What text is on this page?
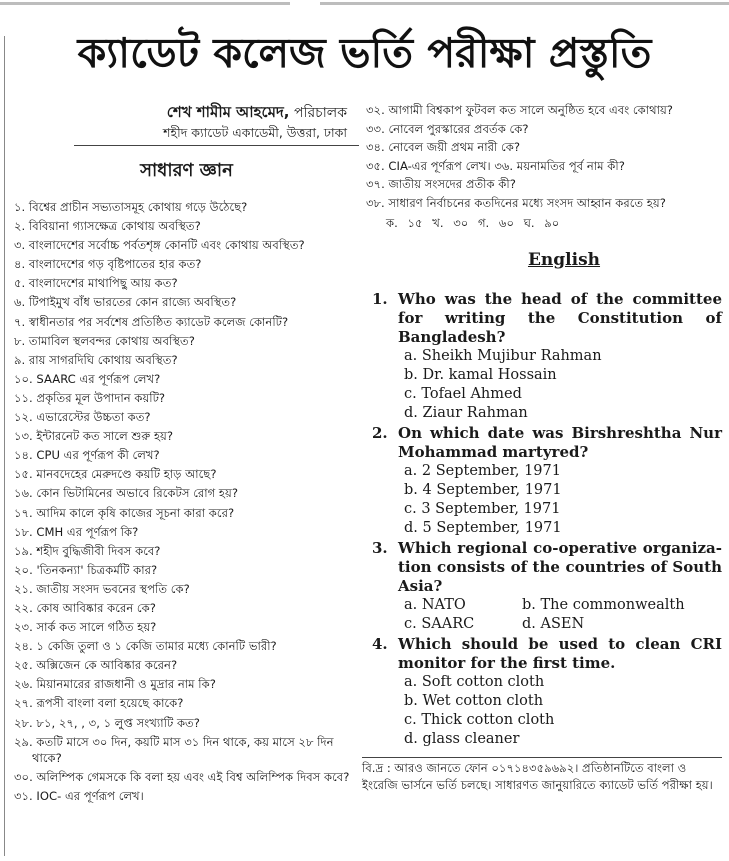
ক্যাডেট কলেজ ভর্তি পরীক্ষা প্রস্তুতি
শেখ শামীম আহমেদ, পরিচালক
শহীদ ক্যাডেট একাডেমী, উত্তরা, ঢাকা
সাধারণ জ্ঞান
১. বিশ্বের প্রাচীন সভ্যতাসমূহ কোথায় গড়ে উঠেছে?
২. বিবিয়ানা গ্যাসক্ষেত্র কোথায় অবস্থিত?
৩. বাংলাদেশের সর্বোচ্চ পর্বতশৃঙ্গ কোনটি এবং কোথায় অবস্থিত?
৪. বাংলাদেশের গড় বৃষ্টিপাতের হার কত?
৫. বাংলাদেশের মাথাপিছু আয় কত?
৬. টিপাইমুখ বাঁধ ভারতের কোন রাজ্যে অবস্থিত?
৭. স্বাধীনতার পর সর্বশেষ প্রতিষ্ঠিত ক্যাডেট কলেজ কোনটি?
৮. তামাবিল স্থলবন্দর কোথায় অবস্থিত?
৯. রায় সাগরদিঘি কোথায় অবস্থিত?
১০. SAARC এর পূর্ণরূপ লেখ?
১১. প্রকৃতির মূল উপাদান কয়টি?
১২. এভারেস্টের উচ্চতা কত?
১৩. ইন্টারনেট কত সালে শুরু হয়?
১৪. CPU এর পূর্ণরূপ কী লেখ?
১৫. মানবদেহের মেরুদণ্ডে কয়টি হাড় আছে?
১৬. কোন ভিটামিনের অভাবে রিকেটস রোগ হয়?
১৭. আদিম কালে কৃষি কাজের সূচনা কারা করে?
১৮. CMH এর পূর্ণরূপ কি?
১৯. শহীদ বুদ্ধিজীবী দিবস কবে?
২০. 'তিনকন্যা' চিত্রকর্মটি কার?
২১. জাতীয় সংসদ ভবনের স্থপতি কে?
২২. কোষ আবিষ্কার করেন কে?
২৩. সার্ক কত সালে গঠিত হয়?
২৪. ১ কেজি তুলা ও ১ কেজি তামার মধ্যে কোনটি ভারী?
২৫. অক্সিজেন কে আবিষ্কার করেন?
২৬. মিয়ানমারের রাজধানী ও মুদ্রার নাম কি?
২৭. রূপসী বাংলা বলা হয়েছে কাকে?
২৮. ৮১, ২৭, , ৩, ১ লুপ্ত সংখ্যাটি কত?
২৯. কতটি মাসে ৩০ দিন, কয়টি মাস ৩১ দিন থাকে, কয় মাসে ২৮ দিন থাকে?
৩০. অলিম্পিক গেমসকে কি বলা হয় এবং এই বিশ্ব অলিম্পিক দিবস কবে?
৩১. IOC- এর পূর্ণরূপ লেখ।
৩২. আগামী বিশ্বকাপ ফুটবল কত সালে অনুষ্ঠিত হবে এবং কোথায়?
৩৩. নোবেল পুরস্কারের প্রবর্তক কে?
৩৪. নোবেল জয়ী প্রথম নারী কে?
৩৫. CIA-এর পূর্ণরূপ লেখ। ৩৬. ময়নামতির পূর্ব নাম কী?
৩৭. জাতীয় সংসদের প্রতীক কী?
৩৮. সাধারণ নির্বাচনের কতদিনের মধ্যে সংসদ আহ্বান করতে হয়?
ক. ১৫ খ. ৩০ গ. ৬০ ঘ. ৯০
English
1. Who was the head of the committee for writing the Constitution of Bangladesh?
a. Sheikh Mujibur Rahman
b. Dr. kamal Hossain
c. Tofael Ahmed
d. Ziaur Rahman
2. On which date was Birshreshtha Nur Mohammad martyred?
a. 2 September, 1971
b. 4 September, 1971
c. 3 September, 1971
d. 5 September, 1971
3. Which regional co-operative organiza-tion consists of the countries of South Asia?
a. NATO	b. The commonwealth
c. SAARC	d. ASEN
4. Which should be used to clean CRI monitor for the first time.
a. Soft cotton cloth
b. Wet cotton cloth
c. Thick cotton cloth
d. glass cleaner
বি.দ্র : আরও জানতে ফোন ০১৭১৪৩৫৯৬৯২। প্রতিষ্ঠানটিতে বাংলা ও ইংরেজি ভার্সনে ভর্তি চলছে। সাধারণত জানুয়ারিতে ক্যাডেট ভর্তি পরীক্ষা হয়।
